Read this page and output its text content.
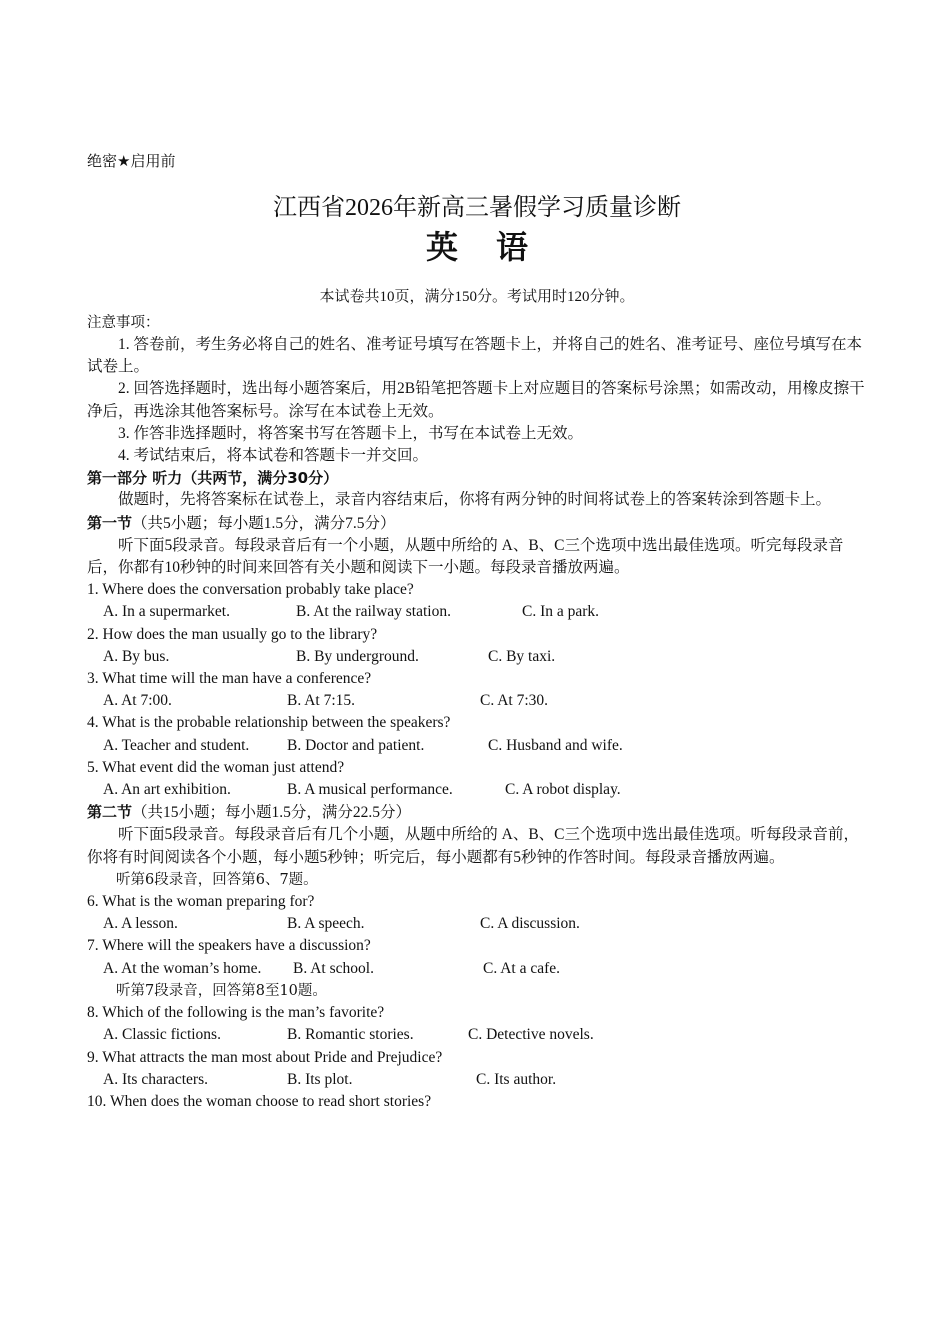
绝密★启用前

江西省2026年新高三暑假学习质量诊断
英语
本试卷共10页，满分150分。考试用时120分钟。
注意事项：

1. 答卷前，考生务必将自己的姓名、准考证号填写在答题卡上，并将自己的姓名、准考证号、座位号填写在本试卷上。

2. 回答选择题时，选出每小题答案后，用2B铅笔把答题卡上对应题目的答案标号涂黑；如需改动，用橡皮擦干净后，再选涂其他答案标号。涂写在本试卷上无效。

3. 作答非选择题时，将答案书写在答题卡上，书写在本试卷上无效。

4. 考试结束后，将本试卷和答题卡一并交回。

第一部分 听力（共两节，满分30分）

做题时，先将答案标在试卷上，录音内容结束后，你将有两分钟的时间将试卷上的答案转涂到答题卡上。

第一节（共5小题；每小题1.5分，满分7.5分）

听下面5段录音。每段录音后有一个小题，从题中所给的 A、B、C三个选项中选出最佳选项。听完每段录音后，你都有10秒钟的时间来回答有关小题和阅读下一小题。每段录音播放两遍。

1. Where does the conversation probably take place?

A. In a supermarket.	B. At the railway station.	C. In a park.

2. How does the man usually go to the library?

A. By bus.	B. By underground.	C. By taxi.

3. What time will the man have a conference?

A. At 7:00.	B. At 7:15.	C. At 7:30.

4. What is the probable relationship between the speakers?

A. Teacher and student.	B. Doctor and patient.	C. Husband and wife.

5. What event did the woman just attend?

A. An art exhibition.	B. A musical performance.	C. A robot display.

第二节（共15小题；每小题1.5分，满分22.5分）

听下面5段录音。每段录音后有几个小题，从题中所给的 A、B、C三个选项中选出最佳选项。听每段录音前，你将有时间阅读各个小题，每小题5秒钟；听完后，每小题都有5秒钟的作答时间。每段录音播放两遍。

听第6段录音，回答第6、7题。

6. What is the woman preparing for?

A. A lesson.	B. A speech.	C. A discussion.

7. Where will the speakers have a discussion?

A. At the woman’s home.	B. At school.	C. At a cafe.

听第7段录音，回答第8至10题。

8. Which of the following is the man’s favorite?

A. Classic fictions.	B. Romantic stories.	C. Detective novels.

9. What attracts the man most about Pride and Prejudice?

A. Its characters.	B. Its plot.	C. Its author.

10. When does the woman choose to read short stories?
